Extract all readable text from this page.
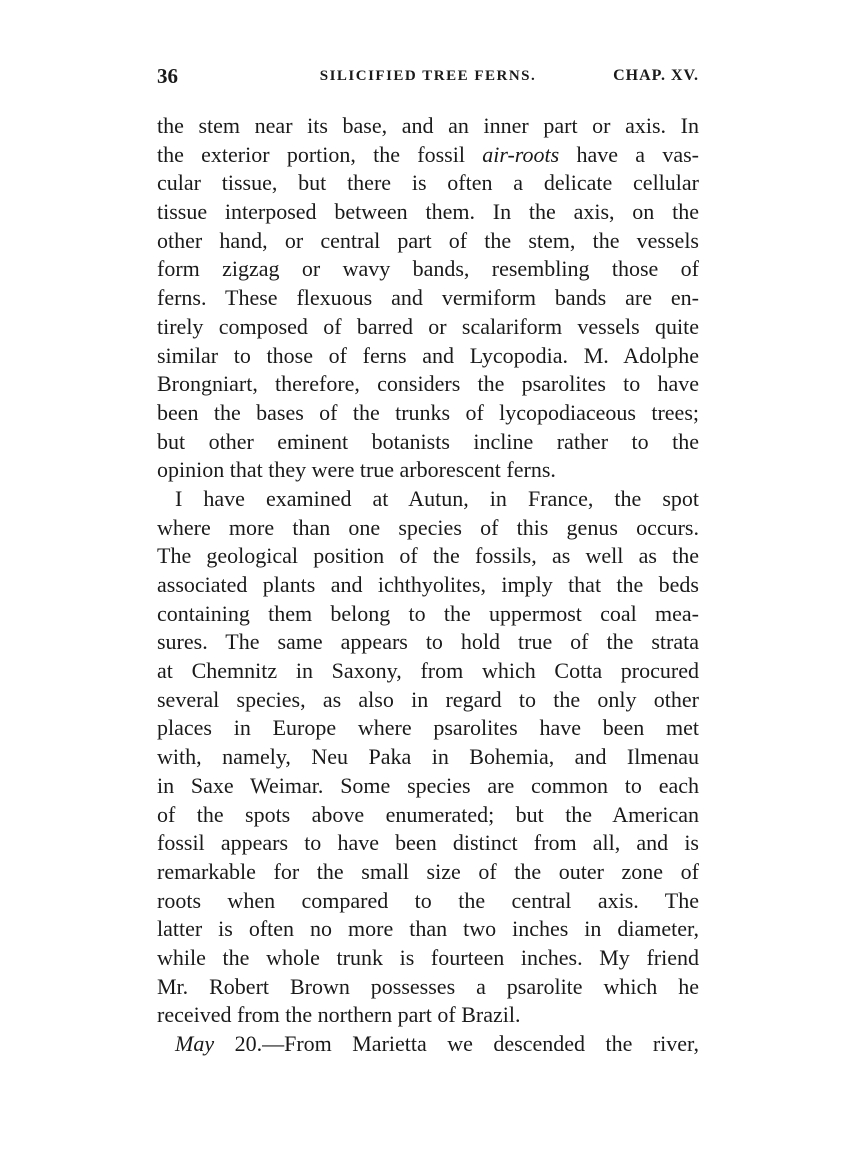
36	SILICIFIED TREE FERNS.	CHAP. XV.
the stem near its base, and an inner part or axis. In
the exterior portion, the fossil air-roots have a vas-
cular tissue, but there is often a delicate cellular
tissue interposed between them. In the axis, on the
other hand, or central part of the stem, the vessels
form zigzag or wavy bands, resembling those of
ferns. These flexuous and vermiform bands are en-
tirely composed of barred or scalariform vessels quite
similar to those of ferns and Lycopodia. M. Adolphe
Brongniart, therefore, considers the psarolites to have
been the bases of the trunks of lycopodiaceous trees;
but other eminent botanists incline rather to the
opinion that they were true arborescent ferns.
I have examined at Autun, in France, the spot
where more than one species of this genus occurs.
The geological position of the fossils, as well as the
associated plants and ichthyolites, imply that the beds
containing them belong to the uppermost coal mea-
sures. The same appears to hold true of the strata
at Chemnitz in Saxony, from which Cotta procured
several species, as also in regard to the only other
places in Europe where psarolites have been met
with, namely, Neu Paka in Bohemia, and Ilmenau
in Saxe Weimar. Some species are common to each
of the spots above enumerated; but the American
fossil appears to have been distinct from all, and is
remarkable for the small size of the outer zone of
roots when compared to the central axis. The
latter is often no more than two inches in diameter,
while the whole trunk is fourteen inches. My friend
Mr. Robert Brown possesses a psarolite which he
received from the northern part of Brazil.
May 20.—From Marietta we descended the river,
